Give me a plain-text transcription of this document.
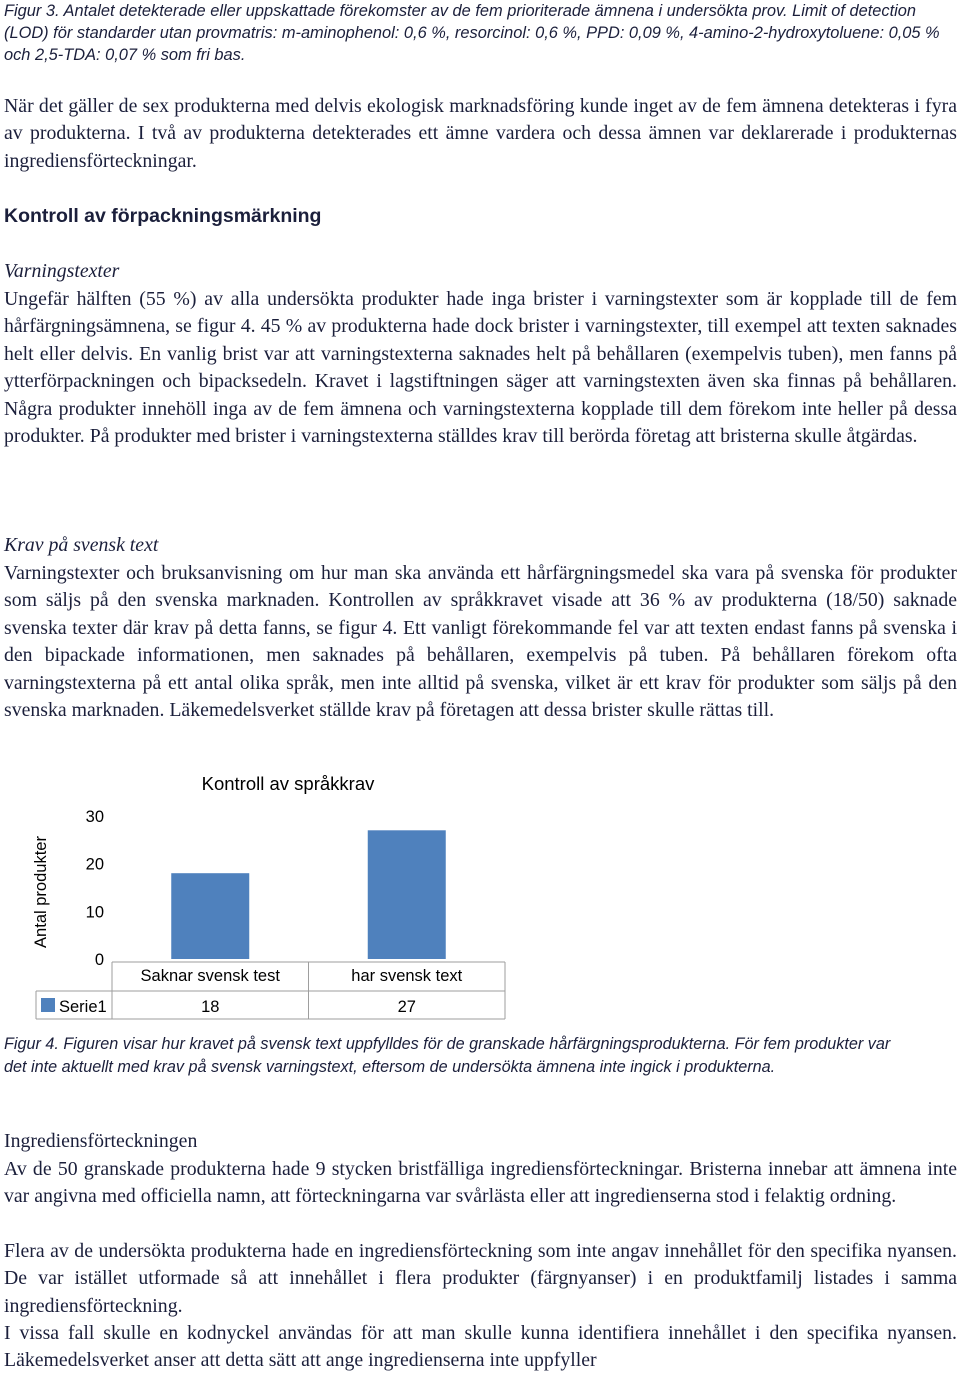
Figur 3. Antalet detekterade eller uppskattade förekomster av de fem prioriterade ämnena i undersökta prov. Limit of detection (LOD) för standarder utan provmatris: m-aminophenol: 0,6 %, resorcinol: 0,6 %, PPD: 0,09 %, 4-amino-2-hydroxytoluene: 0,05 % och 2,5-TDA: 0,07 % som fri bas.
När det gäller de sex produkterna med delvis ekologisk marknadsföring kunde inget av de fem ämnena detekteras i fyra av produkterna. I två av produkterna detekterades ett ämne vardera och dessa ämnen var deklarerade i produkternas ingrediensförteckningar.
Kontroll av förpackningsmärkning
Varningstexter
Ungefär hälften (55 %) av alla undersökta produkter hade inga brister i varningstexter som är kopplade till de fem hårfärgningsämnena, se figur 4. 45 % av produkterna hade dock brister i varningstexter, till exempel att texten saknades helt eller delvis. En vanlig brist var att varningstexterna saknades helt på behållaren (exempelvis tuben), men fanns på ytterförpackningen och bipacksedeln. Kravet i lagstiftningen säger att varningstexten även ska finnas på behållaren. Några produkter innehöll inga av de fem ämnena och varningstexterna kopplade till dem förekom inte heller på dessa produkter. På produkter med brister i varningstexterna ställdes krav till berörda företag att bristerna skulle åtgärdas.
Krav på svensk text
Varningstexter och bruksanvisning om hur man ska använda ett hårfärgningsmedel ska vara på svenska för produkter som säljs på den svenska marknaden. Kontrollen av språkkravet visade att 36 % av produkterna (18/50) saknade svenska texter där krav på detta fanns, se figur 4. Ett vanligt förekommande fel var att texten endast fanns på svenska i den bipackade informationen, men saknades på behållaren, exempelvis på tuben. På behållaren förekom ofta varningstexterna på ett antal olika språk, men inte alltid på svenska, vilket är ett krav för produkter som säljs på den svenska marknaden. Läkemedelsverket ställde krav på företagen att dessa brister skulle rättas till.
Kontroll av språkkrav
Antal produkter
0
10
20
30
Saknar svensk test	har svensk text
Serie1	18	27
Figur 4. Figuren visar hur kravet på svensk text uppfylldes för de granskade hårfärgningsprodukterna. För fem produkter var det inte aktuellt med krav på svensk varningstext, eftersom de undersökta ämnena inte ingick i produkterna.
Ingrediensförteckningen
Av de 50 granskade produkterna hade 9 stycken bristfälliga ingrediensförteckningar. Bristerna innebar att ämnena inte var angivna med officiella namn, att förteckningarna var svårlästa eller att ingredienserna stod i felaktig ordning.
Flera av de undersökta produkterna hade en ingrediensförteckning som inte angav innehållet för den specifika nyansen. De var istället utformade så att innehållet i flera produkter (färgnyanser) i en produktfamilj listades i samma ingrediensförteckning.
I vissa fall skulle en kodnyckel användas för att man skulle kunna identifiera innehållet i den specifika nyansen. Läkemedelsverket anser att detta sätt att ange ingredienserna inte uppfyller
